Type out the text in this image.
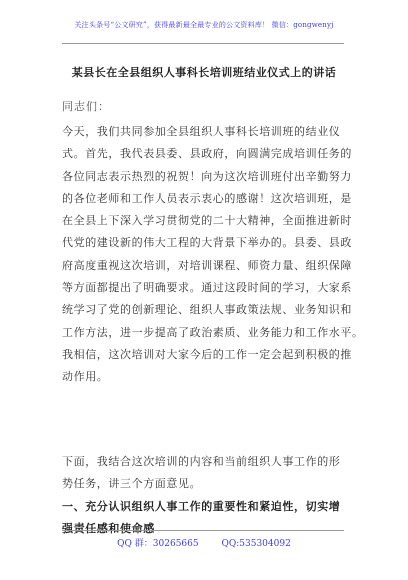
关注头条号“公文研究”，获得最新最全最专业的公文资料库！ 微信：gongwenyj
某县长在全县组织人事科长培训班结业仪式上的讲话
同志们：
今天，我们共同参加全县组织人事科长培训班的结业仪
式。首先，我代表县委、县政府，向圆满完成培训任务的
各位同志表示热烈的祝贺！向为这次培训班付出辛勤努力
的各位老师和工作人员表示衷心的感谢！这次培训班，是
在全县上下深入学习贯彻党的二十大精神，全面推进新时
代党的建设新的伟大工程的大背景下举办的。县委、县政
府高度重视这次培训，对培训课程、师资力量、组织保障
等方面都提出了明确要求。通过这段时间的学习，大家系
统学习了党的创新理论、组织人事政策法规、业务知识和
工作方法，进一步提高了政治素质、业务能力和工作水平。
我相信，这次培训对大家今后的工作一定会起到积极的推
动作用。
下面，我结合这次培训的内容和当前组织人事工作的形
势任务，讲三个方面意见。
一、充分认识组织人事工作的重要性和紧迫性，切实增
强责任感和使命感
QQ 群：30265665	QQ:535304092
